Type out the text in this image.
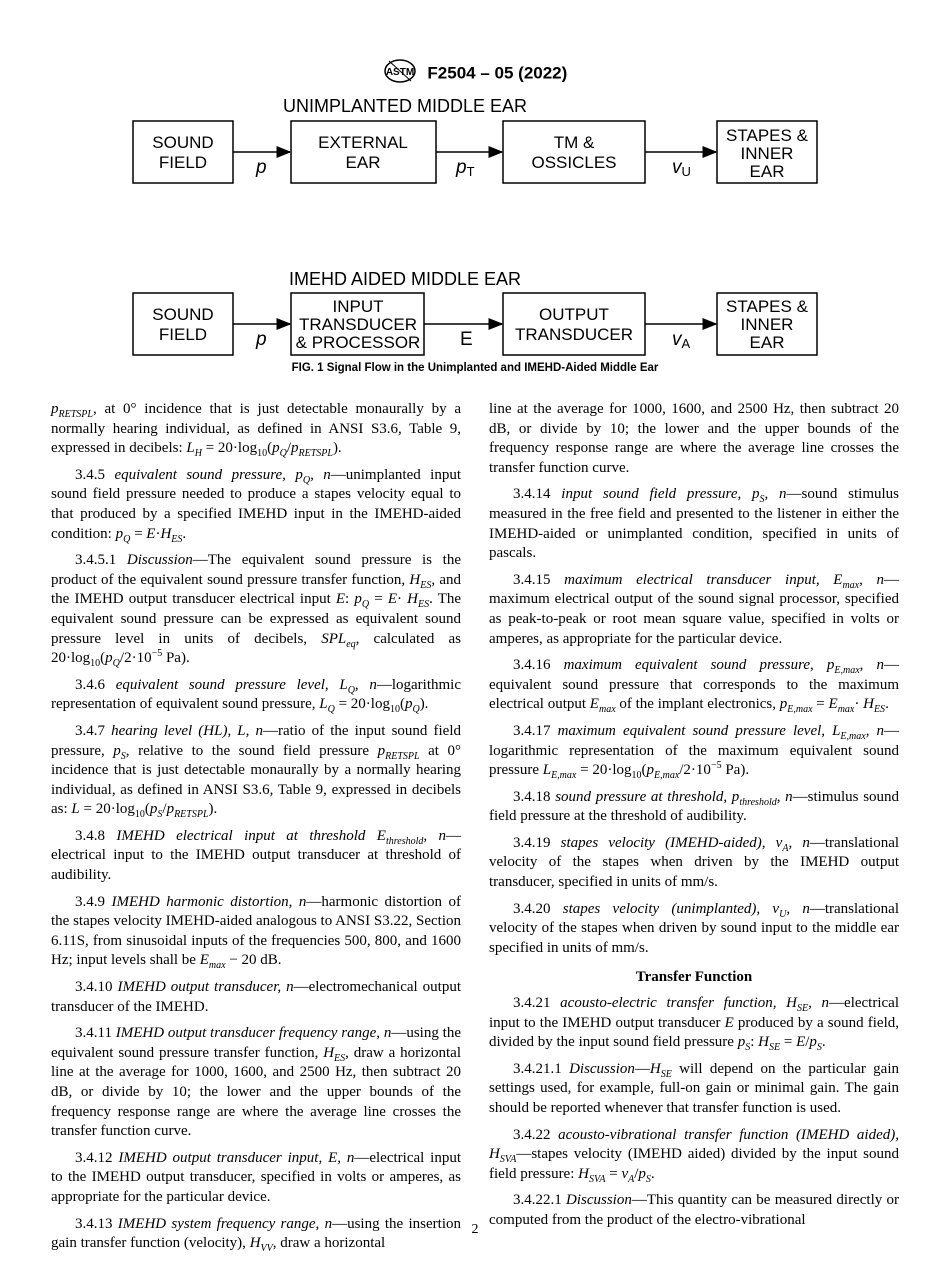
ASTM F2504 – 05 (2022)
UNIMPLANTED MIDDLE EAR
SOUND
FIELD
EXTERNAL
EAR
TM &
OSSICLES
STAPES &
INNER
EAR
p	pT	vU
IMEHD AIDED MIDDLE EAR
SOUND
FIELD
INPUT
TRANSDUCER
& PROCESSOR
OUTPUT
TRANSDUCER
STAPES &
INNER
EAR
p	E	vA
FIG. 1 Signal Flow in the Unimplanted and IMEHD-Aided Middle Ear

$p_{RETSPL}$, at 0° incidence that is just detectable monaurally by a normally hearing individual, as defined in ANSI S3.6, Table 9, expressed in decibels: $L_H = 20\cdot\log_{10}(p_Q/p_{RETSPL})$.

3.4.5 equivalent sound pressure, $p_Q$, n—unimplanted input sound field pressure needed to produce a stapes velocity equal to that produced by a specified IMEHD input in the IMEHD-aided condition: $p_Q = E\cdot H_{ES}$.

3.4.5.1 Discussion—The equivalent sound pressure is the product of the equivalent sound pressure transfer function, $H_{ES}$, and the IMEHD output transducer electrical input E: $p_Q = E\cdot H_{ES}$. The equivalent sound pressure can be expressed as equivalent sound pressure level in units of decibels, $SPL_{eq}$, calculated as $20\cdot\log_{10}(p_Q/2\cdot 10^{-5}$ Pa).

3.4.6 equivalent sound pressure level, $L_Q$, n—logarithmic representation of equivalent sound pressure, $L_Q = 20\cdot\log_{10}(p_Q)$.

3.4.7 hearing level (HL), L, n—ratio of the input sound field pressure, $p_S$, relative to the sound field pressure $p_{RETSPL}$ at 0° incidence that is just detectable monaurally by a normally hearing individual, as defined in ANSI S3.6, Table 9, expressed in decibels as: $L = 20\cdot\log_{10}(p_S/p_{RETSPL})$.

3.4.8 IMEHD electrical input at threshold $E_{threshold}$, n—electrical input to the IMEHD output transducer at threshold of audibility.

3.4.9 IMEHD harmonic distortion, n—harmonic distortion of the stapes velocity IMEHD-aided analogous to ANSI S3.22, Section 6.11S, from sinusoidal inputs of the frequencies 500, 800, and 1600 Hz; input levels shall be $E_{max} - 20$ dB.

3.4.10 IMEHD output transducer, n—electromechanical output transducer of the IMEHD.

3.4.11 IMEHD output transducer frequency range, n—using the equivalent sound pressure transfer function, $H_{ES}$, draw a horizontal line at the average for 1000, 1600, and 2500 Hz, then subtract 20 dB, or divide by 10; the lower and the upper bounds of the frequency response range are where the average line crosses the transfer function curve.

3.4.12 IMEHD output transducer input, E, n—electrical input to the IMEHD output transducer, specified in volts or amperes, as appropriate for the particular device.

3.4.13 IMEHD system frequency range, n—using the insertion gain transfer function (velocity), $H_{VV}$, draw a horizontal

line at the average for 1000, 1600, and 2500 Hz, then subtract 20 dB, or divide by 10; the lower and the upper bounds of the frequency response range are where the average line crosses the transfer function curve.

3.4.14 input sound field pressure, $p_S$, n—sound stimulus measured in the free field and presented to the listener in either the IMEHD-aided or unimplanted condition, specified in units of pascals.

3.4.15 maximum electrical transducer input, $E_{max}$, n—maximum electrical output of the sound signal processor, specified as peak-to-peak or root mean square value, specified in volts or amperes, as appropriate for the particular device.

3.4.16 maximum equivalent sound pressure, $p_{E,max}$, n—equivalent sound pressure that corresponds to the maximum electrical output $E_{max}$ of the implant electronics, $p_{E,max} = E_{max}\cdot H_{ES}$.

3.4.17 maximum equivalent sound pressure level, $L_{E,max}$, n—logarithmic representation of the maximum equivalent sound pressure $L_{E,max} = 20\cdot\log_{10}(p_{E,max}/2\cdot 10^{-5}$ Pa).

3.4.18 sound pressure at threshold, $p_{threshold}$, n—stimulus sound field pressure at the threshold of audibility.

3.4.19 stapes velocity (IMEHD-aided), $v_A$, n—translational velocity of the stapes when driven by the IMEHD output transducer, specified in units of mm/s.

3.4.20 stapes velocity (unimplanted), $v_U$, n—translational velocity of the stapes when driven by sound input to the middle ear specified in units of mm/s.

Transfer Function

3.4.21 acousto-electric transfer function, $H_{SE}$, n—electrical input to the IMEHD output transducer E produced by a sound field, divided by the input sound field pressure $p_S$: $H_{SE} = E/p_S$.

3.4.21.1 $Discussion—H_{SE}$ will depend on the particular gain settings used, for example, full-on gain or minimal gain. The gain should be reported whenever that transfer function is used.

3.4.22 acousto-vibrational transfer function (IMEHD aided), $H_{SVA}—stapes$ velocity (IMEHD aided) divided by the input sound field pressure: $H_{SVA} = v_A/p_S$.

3.4.22.1 Discussion—This quantity can be measured directly or computed from the product of the electro-vibrational

2
